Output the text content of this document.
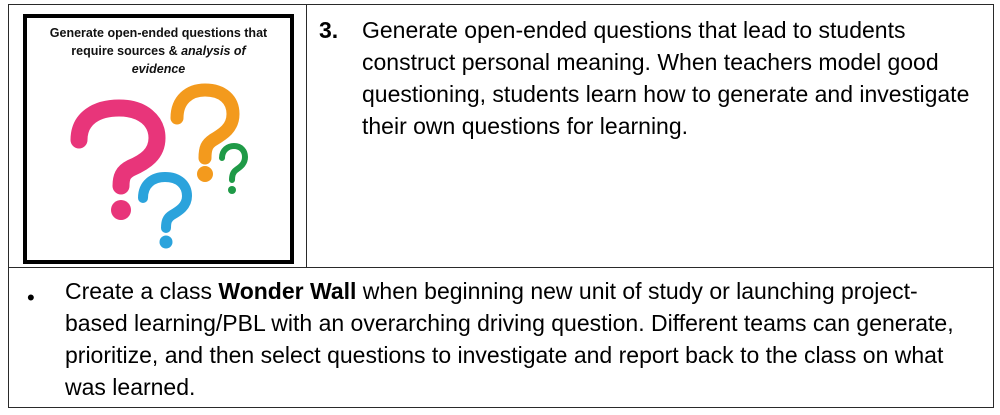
Generate open-ended questions that
require sources & analysis of
evidence
3. Generate open-ended questions that lead to students construct personal meaning. When teachers model good questioning, students learn how to generate and investigate their own questions for learning.
• Create a class Wonder Wall when beginning new unit of study or launching project-based learning/PBL with an overarching driving question. Different teams can generate, prioritize, and then select questions to investigate and report back to the class on what was learned.
